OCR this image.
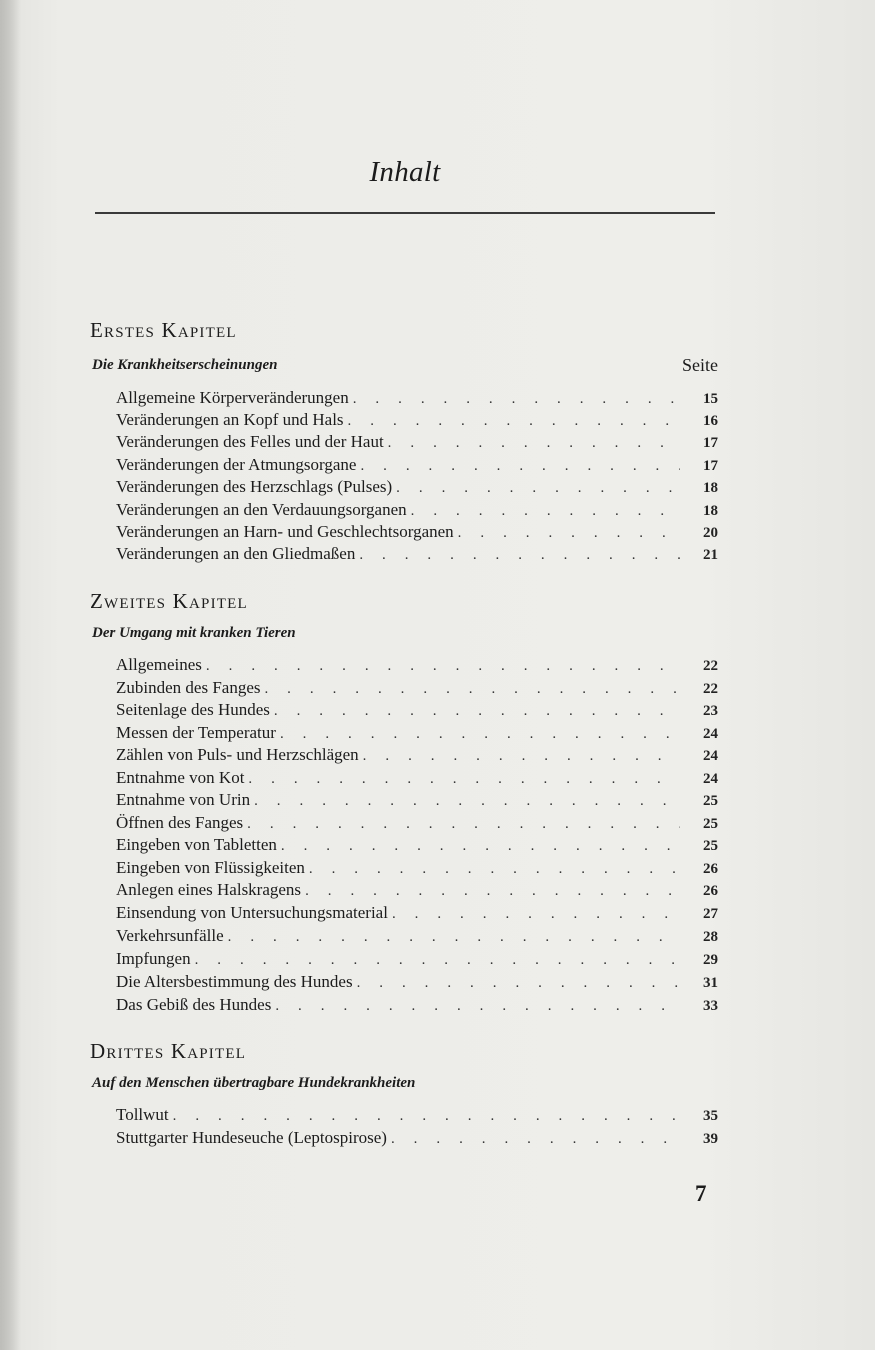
Inhalt
Erstes Kapitel
Die Krankheitserscheinungen	Seite
Allgemeine Körperveränderungen . . .	15
Veränderungen an Kopf und Hals . . .	16
Veränderungen des Felles und der Haut . . .	17
Veränderungen der Atmungsorgane . . .	17
Veränderungen des Herzschlags (Pulses) . . .	18
Veränderungen an den Verdauungsorganen . . .	18
Veränderungen an Harn- und Geschlechtsorganen . . .	20
Veränderungen an den Gliedmaßen . . .	21
Zweites Kapitel
Der Umgang mit kranken Tieren
Allgemeines . . .	22
Zubinden des Fanges . . .	22
Seitenlage des Hundes . . .	23
Messen der Temperatur . . .	24
Zählen von Puls- und Herzschlägen . . .	24
Entnahme von Kot . . .	24
Entnahme von Urin . . .	25
Öffnen des Fanges . . .	25
Eingeben von Tabletten . . .	25
Eingeben von Flüssigkeiten . . .	26
Anlegen eines Halskragens . . .	26
Einsendung von Untersuchungsmaterial . . .	27
Verkehrsunfälle . . .	28
Impfungen . . .	29
Die Altersbestimmung des Hundes . . .	31
Das Gebiß des Hundes . . .	33
Drittes Kapitel
Auf den Menschen übertragbare Hundekrankheiten
Tollwut . . .	35
Stuttgarter Hundeseuche (Leptospirose) . . .	39
7
